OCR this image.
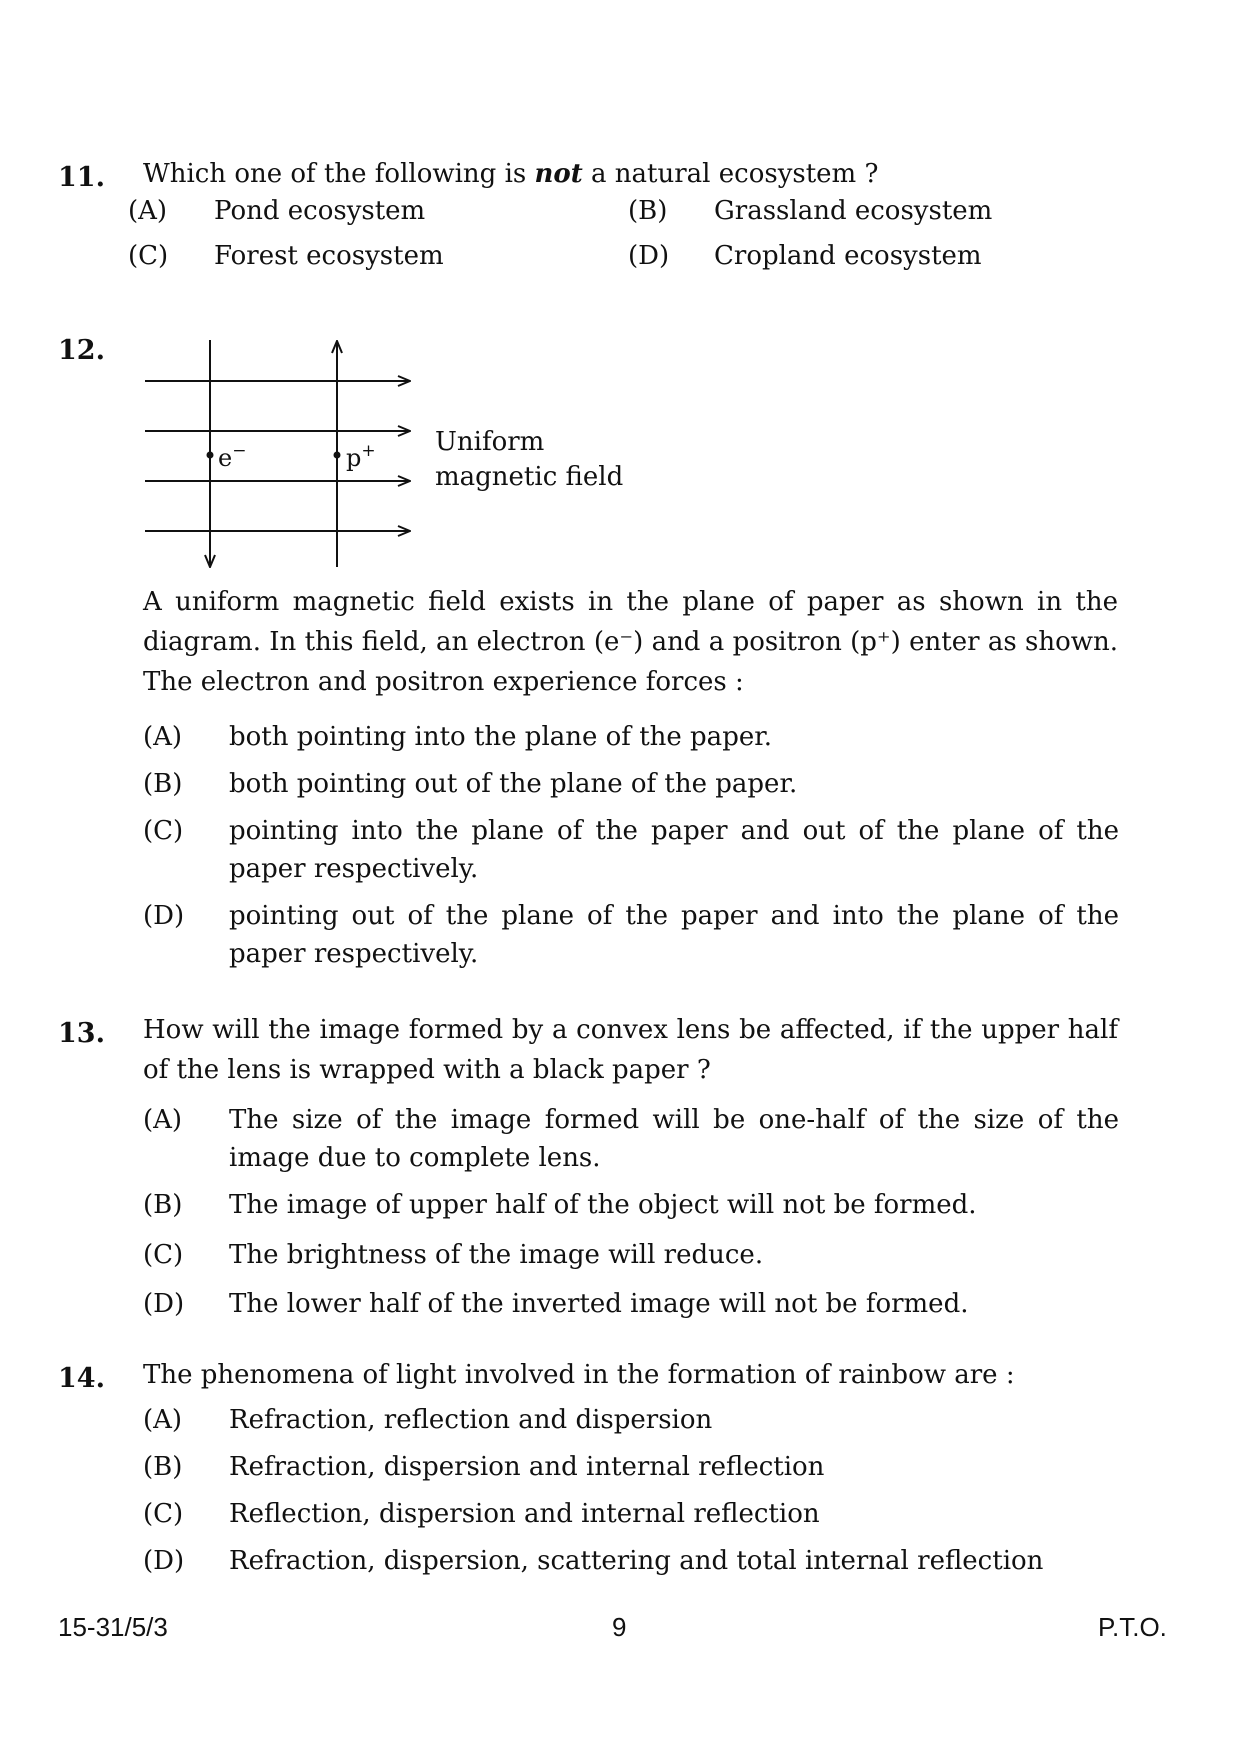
11. Which one of the following is not a natural ecosystem ?
(A) Pond ecosystem	(B) Grassland ecosystem
(C) Forest ecosystem	(D) Cropland ecosystem
12.
e−	p+ Uniform
magnetic field
A uniform magnetic field exists in the plane of paper as shown in the diagram. In this field, an electron (e⁻) and a positron (p⁺) enter as shown. The electron and positron experience forces :
(A) both pointing into the plane of the paper.
(B) both pointing out of the plane of the paper.
(C) pointing into the plane of the paper and out of the plane of the paper respectively.
(D) pointing out of the plane of the paper and into the plane of the paper respectively.
13. How will the image formed by a convex lens be affected, if the upper half of the lens is wrapped with a black paper ?
(A) The size of the image formed will be one-half of the size of the image due to complete lens.
(B) The image of upper half of the object will not be formed.
(C) The brightness of the image will reduce.
(D) The lower half of the inverted image will not be formed.
14. The phenomena of light involved in the formation of rainbow are :
(A) Refraction, reflection and dispersion
(B) Refraction, dispersion and internal reflection
(C) Reflection, dispersion and internal reflection
(D) Refraction, dispersion, scattering and total internal reflection
15-31/5/3	9	P.T.O.
